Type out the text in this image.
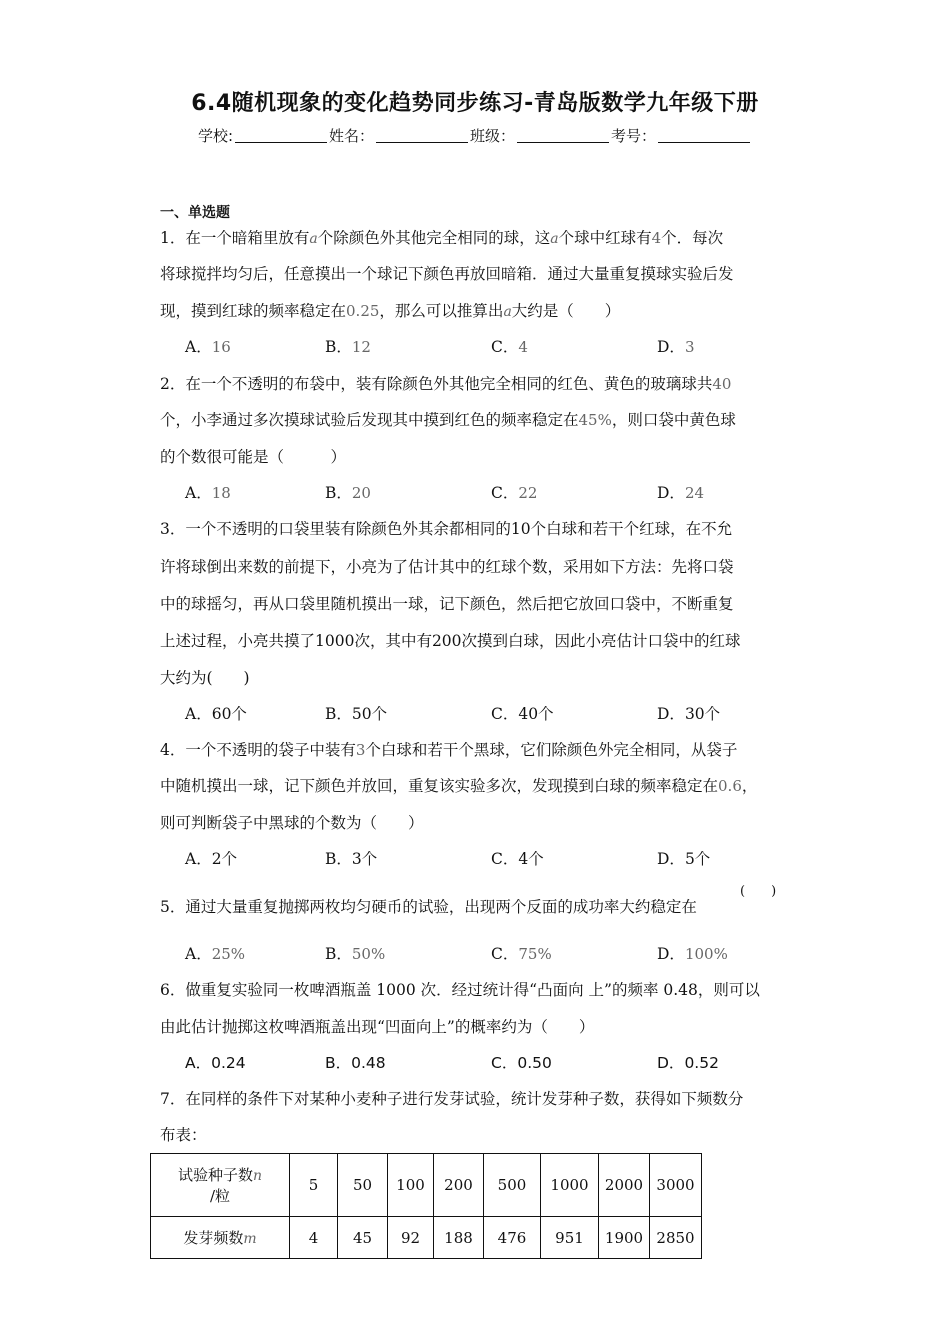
6.4随机现象的变化趋势同步练习-青岛版数学九年级下册
学校:	姓名：	班级：	考号：
一、单选题
1．在一个暗箱里放有a个除颜色外其他完全相同的球，这a个球中红球有4个．每次
将球搅拌均匀后，任意摸出一个球记下颜色再放回暗箱．通过大量重复摸球实验后发
现，摸到红球的频率稳定在0.25，那么可以推算出a大约是（　　）
A．16	B．12	C．4	D．3
2．在一个不透明的布袋中，装有除颜色外其他完全相同的红色、黄色的玻璃球共40
个，小李通过多次摸球试验后发现其中摸到红色的频率稳定在45%，则口袋中黄色球
的个数很可能是（　　　）
A．18	B．20	C．22	D．24
3．一个不透明的口袋里装有除颜色外其余都相同的10个白球和若干个红球，在不允
许将球倒出来数的前提下，小亮为了估计其中的红球个数，采用如下方法：先将口袋
中的球摇匀，再从口袋里随机摸出一球，记下颜色，然后把它放回口袋中，不断重复
上述过程，小亮共摸了1000次，其中有200次摸到白球，因此小亮估计口袋中的红球
大约为(　　)
A．60个	B．50个	C．40个	D．30个
4．一个不透明的袋子中装有3个白球和若干个黑球，它们除颜色外完全相同，从袋子
中随机摸出一球，记下颜色并放回，重复该实验多次，发现摸到白球的频率稳定在0.6，
则可判断袋子中黑球的个数为（　　）
A．2个	B．3个	C．4个	D．5个
(　　)
5．通过大量重复抛掷两枚均匀硬币的试验，出现两个反面的成功率大约稳定在
A．25%	B．50%	C．75%	D．100%
6．做重复实验同一枚啤酒瓶盖 1000 次．经过统计得“凸面向 上”的频率 0.48，则可以
由此估计抛掷这枚啤酒瓶盖出现“凹面向上”的概率约为（　　）
A．0.24	B．0.48	C．0.50	D．0.52
7．在同样的条件下对某种小麦种子进行发芽试验，统计发芽种子数，获得如下频数分
布表：
试验种子数n
/粒	5	50	100	200	500	1000	2000	3000
发芽频数m	4	45	92	188	476	951	1900	2850
